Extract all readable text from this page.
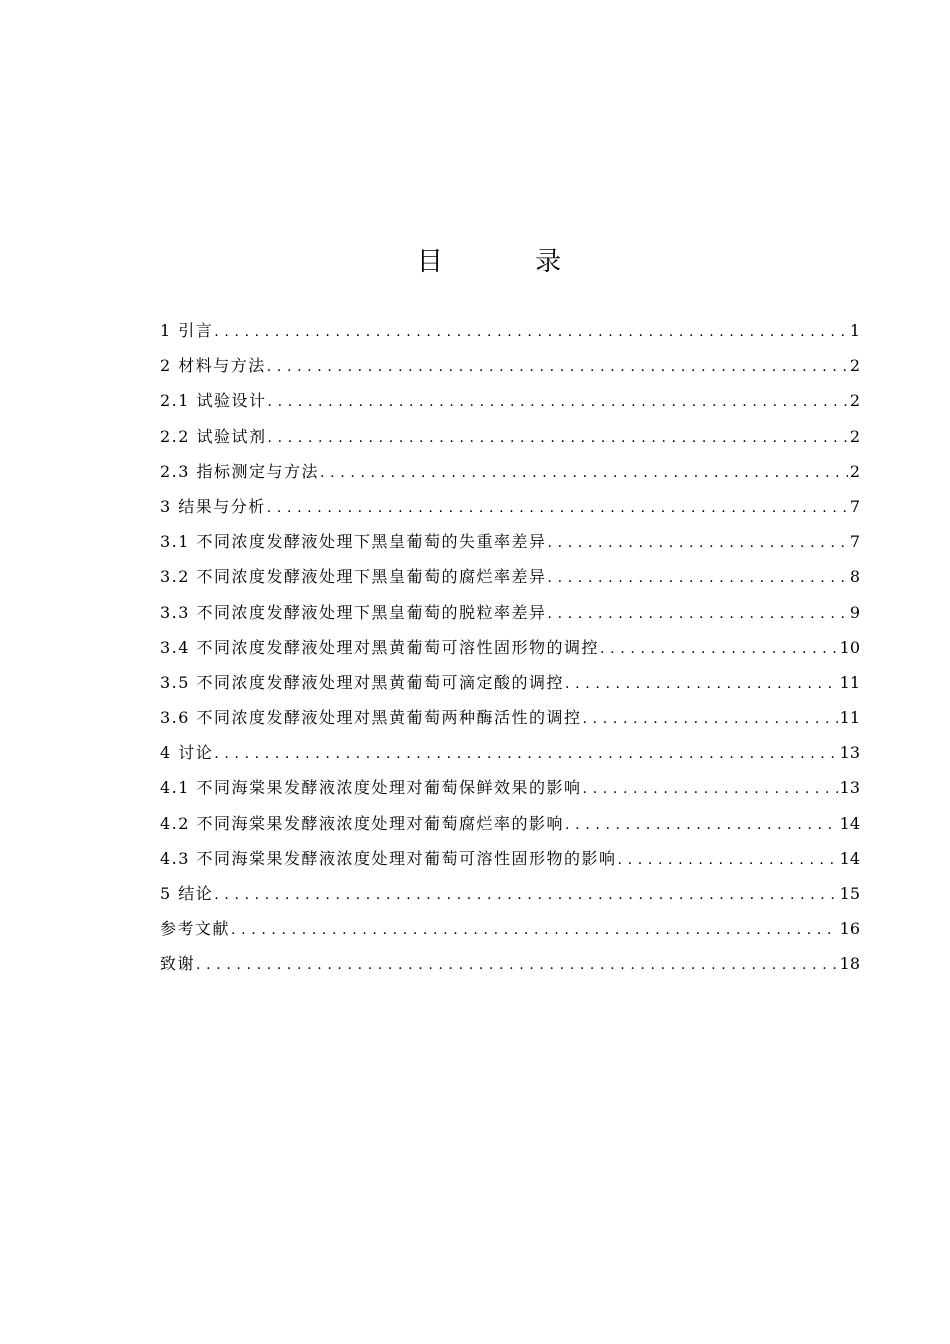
目 录
1 引言 . . .	1
2 材料与方法 . . .	2
2.1 试验设计 . . .	2
2.2 试验试剂 . . .	2
2.3 指标测定与方法 . . .	2
3 结果与分析 . . .	7
3.1 不同浓度发酵液处理下黑皇葡萄的失重率差异 . . .	7
3.2 不同浓度发酵液处理下黑皇葡萄的腐烂率差异 . . .	8
3.3 不同浓度发酵液处理下黑皇葡萄的脱粒率差异 . . .	9
3.4 不同浓度发酵液处理对黑黄葡萄可溶性固形物的调控 . . .	10
3.5 不同浓度发酵液处理对黑黄葡萄可滴定酸的调控 . . .	11
3.6 不同浓度发酵液处理对黑黄葡萄两种酶活性的调控 . . .	11
4 讨论 . . .	13
4.1 不同海棠果发酵液浓度处理对葡萄保鲜效果的影响 . . .	13
4.2 不同海棠果发酵液浓度处理对葡萄腐烂率的影响 . . .	14
4.3 不同海棠果发酵液浓度处理对葡萄可溶性固形物的影响 . . .	14
5 结论 . . .	15
参考文献 . . .	16
致谢 . . .	18
